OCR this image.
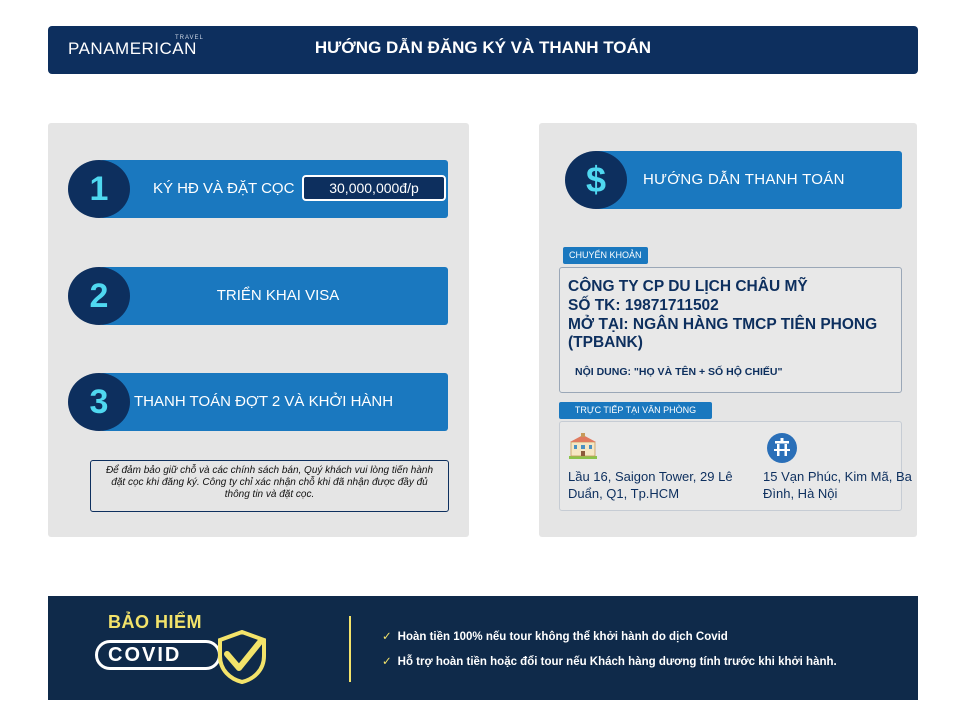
PANAMERICAN
TRAVEL	HƯỚNG DẪN ĐĂNG KÝ VÀ THANH TOÁN
1	KÝ HĐ VÀ ĐẶT CỌC	30,000,000đ/p
2	TRIỂN KHAI VISA
3	THANH TOÁN ĐỢT 2 VÀ KHỞI HÀNH
Để đảm bảo giữ chỗ và các chính sách bán, Quý khách vui lòng tiến hành đặt cọc khi đăng ký. Công ty chỉ xác nhận chỗ khi đã nhận được đầy đủ thông tin và đặt cọc.
$	HƯỚNG DẪN THANH TOÁN
CHUYỂN KHOẢN
CÔNG TY CP DU LỊCH CHÂU MỸ
SỐ TK: 19871711502
MỞ TẠI: NGÂN HÀNG TMCP TIÊN PHONG
(TPBANK)
NỘI DUNG: "HỌ VÀ TÊN + SỐ HỘ CHIẾU"
TRỰC TIẾP TẠI VĂN PHÒNG
Lầu 16, Saigon Tower, 29 Lê Duẩn, Q1, Tp.HCM
15 Vạn Phúc, Kim Mã, Ba Đình, Hà Nội
BẢO HIỂM
COVID
✓ Hoàn tiền 100% nếu tour không thể khởi hành do dịch Covid
✓ Hỗ trợ hoàn tiền hoặc đổi tour nếu Khách hàng dương tính trước khi khởi hành.
